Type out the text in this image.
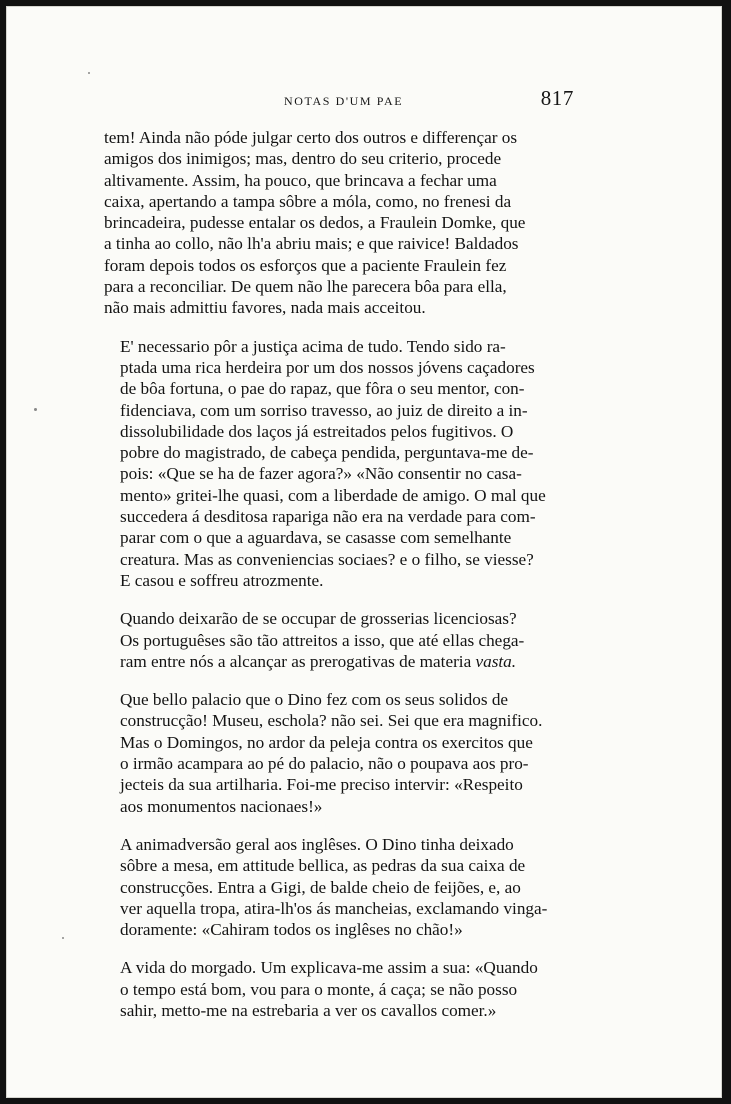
NOTAS D'UM PAE	817

tem! Ainda não póde julgar certo dos outros e differençar os
amigos dos inimigos; mas, dentro do seu criterio, procede
altivamente. Assim, ha pouco, que brincava a fechar uma
caixa, apertando a tampa sôbre a móla, como, no frenesi da
brincadeira, pudesse entalar os dedos, a Fraulein Domke, que
a tinha ao collo, não lh'a abriu mais; e que raivice! Baldados
foram depois todos os esforços que a paciente Fraulein fez
para a reconciliar. De quem não lhe parecera bôa para ella,
não mais admittiu favores, nada mais acceitou.

E' necessario pôr a justiça acima de tudo. Tendo sido ra-
ptada uma rica herdeira por um dos nossos jóvens caçadores
de bôa fortuna, o pae do rapaz, que fôra o seu mentor, con-
fidenciava, com um sorriso travesso, ao juiz de direito a in-
dissolubilidade dos laços já estreitados pelos fugitivos. O
pobre do magistrado, de cabeça pendida, perguntava-me de-
pois: «Que se ha de fazer agora?» «Não consentir no casa-
mento» gritei-lhe quasi, com a liberdade de amigo. O mal que
succedera á desditosa rapariga não era na verdade para com-
parar com o que a aguardava, se casasse com semelhante
creatura. Mas as conveniencias sociaes? e o filho, se viesse?
E casou e soffreu atrozmente.

Quando deixarão de se occupar de grosserias licenciosas?
Os portuguêses são tão attreitos a isso, que até ellas chega-
ram entre nós a alcançar as prerogativas de materia vasta.

Que bello palacio que o Dino fez com os seus solidos de
construcção! Museu, eschola? não sei. Sei que era magnifico.
Mas o Domingos, no ardor da peleja contra os exercitos que
o irmão acampara ao pé do palacio, não o poupava aos pro-
jecteis da sua artilharia. Foi-me preciso intervir: «Respeito
aos monumentos nacionaes!»

A animadversão geral aos inglêses. O Dino tinha deixado
sôbre a mesa, em attitude bellica, as pedras da sua caixa de
construcções. Entra a Gigi, de balde cheio de feijões, e, ao
ver aquella tropa, atira-lh'os ás mancheias, exclamando vinga-
doramente: «Cahiram todos os inglêses no chão!»

A vida do morgado. Um explicava-me assim a sua: «Quando
o tempo está bom, vou para o monte, á caça; se não posso
sahir, metto-me na estrebaria a ver os cavallos comer.»
